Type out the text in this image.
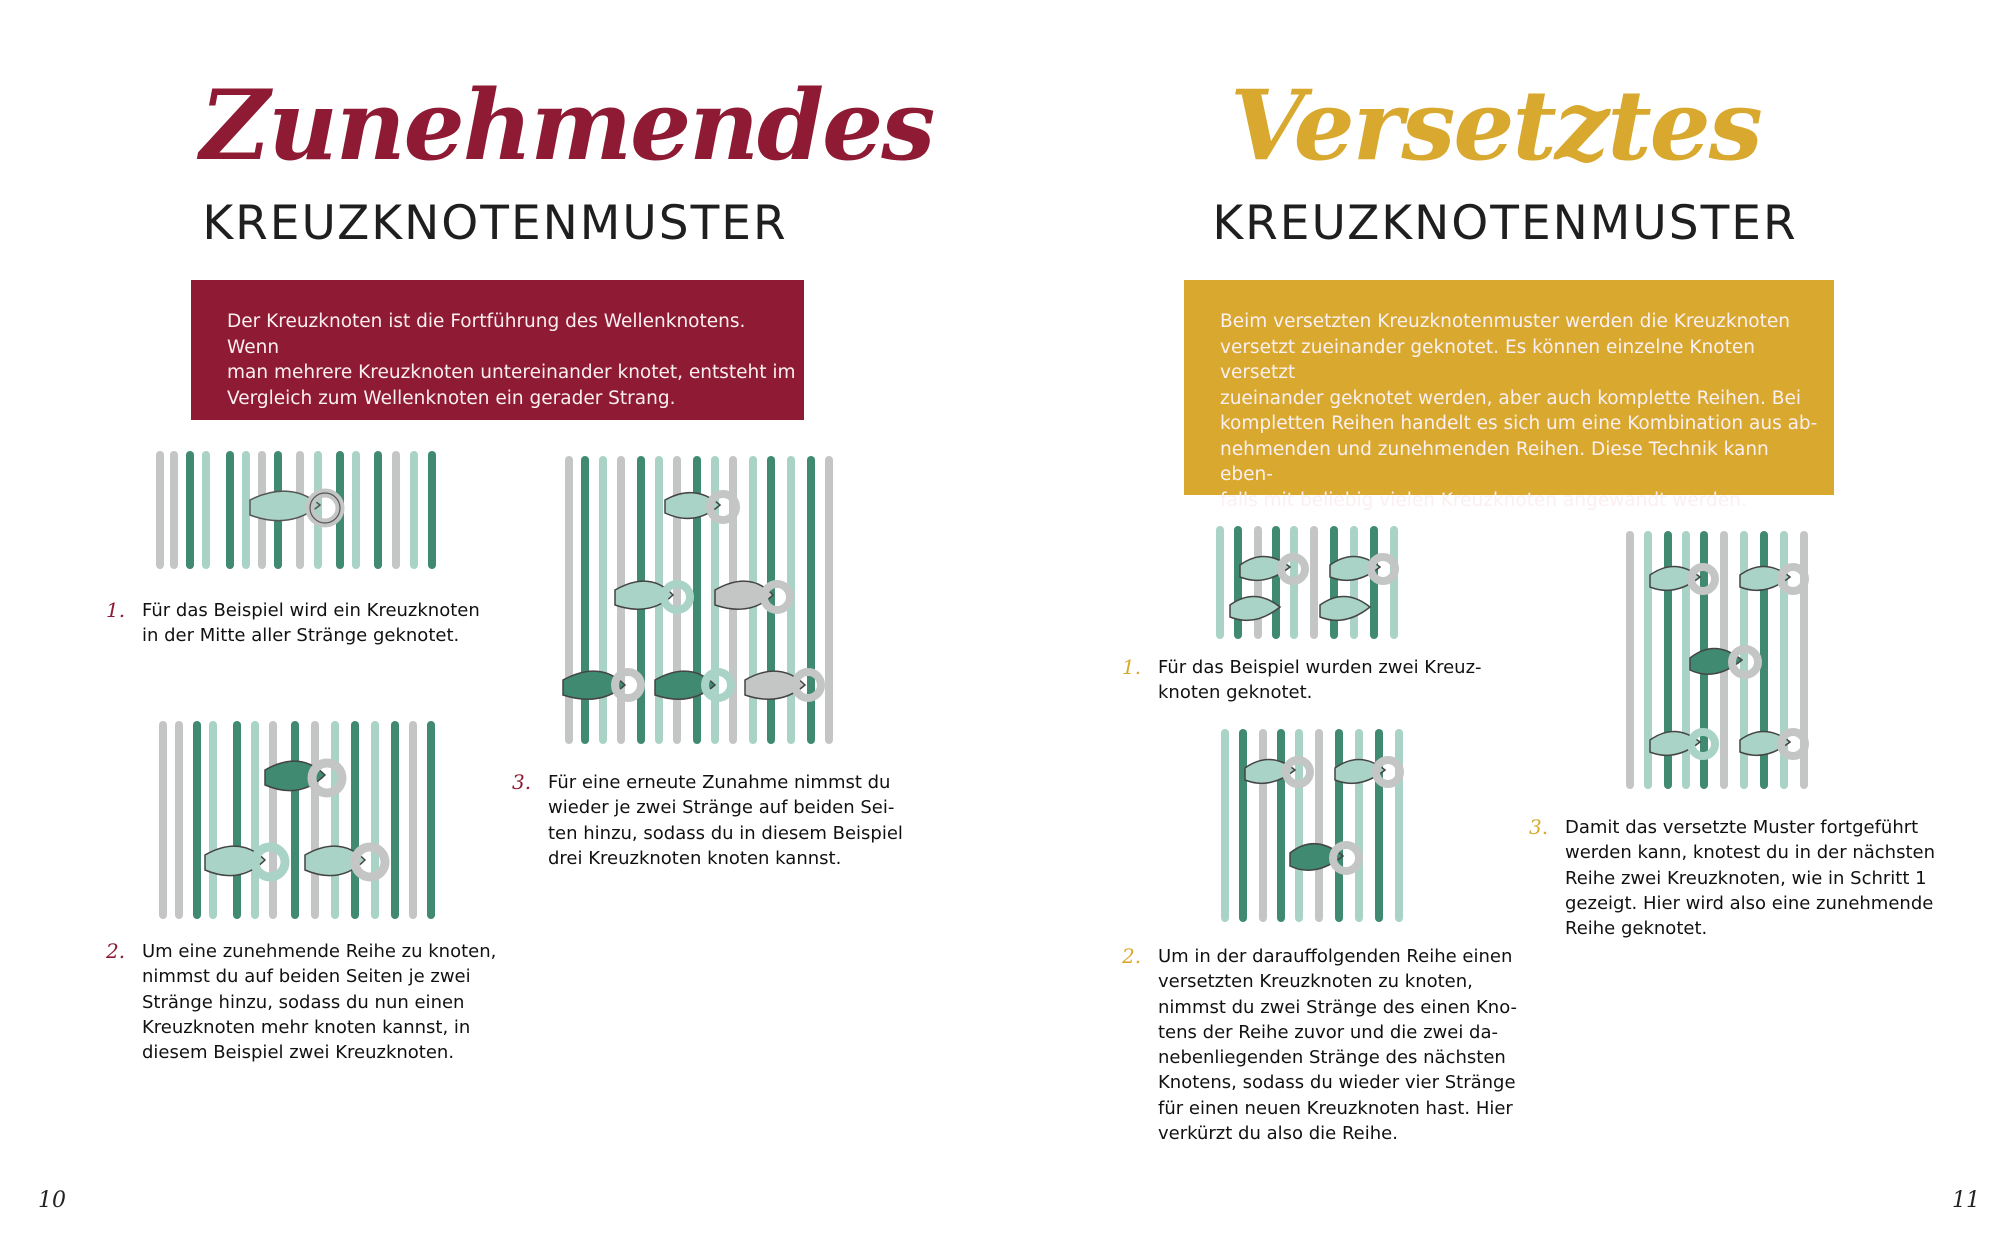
Zunehmendes
KREUZKNOTENMUSTER

Der Kreuzknoten ist die Fortführung des Wellenknotens. Wenn
man mehrere Kreuzknoten untereinander knotet, entsteht im
Vergleich zum Wellenknoten ein gerader Strang.

1. Für das Beispiel wird ein Kreuzknoten
in der Mitte aller Stränge geknotet.
2. Um eine zunehmende Reihe zu knoten,
nimmst du auf beiden Seiten je zwei
Stränge hinzu, sodass du nun einen
Kreuzknoten mehr knoten kannst, in
diesem Beispiel zwei Kreuzknoten.
3. Für eine erneute Zunahme nimmst du
wieder je zwei Stränge auf beiden Sei-
ten hinzu, sodass du in diesem Beispiel
drei Kreuzknoten knoten kannst.
10
Versetztes
KREUZKNOTENMUSTER

Beim versetzten Kreuzknotenmuster werden die Kreuzknoten
versetzt zueinander geknotet. Es können einzelne Knoten versetzt
zueinander geknotet werden, aber auch komplette Reihen. Bei
kompletten Reihen handelt es sich um eine Kombination aus ab-
nehmenden und zunehmenden Reihen. Diese Technik kann eben-
falls mit beliebig vielen Kreuzknoten angewandt werden.

1. Für das Beispiel wurden zwei Kreuz-
knoten geknotet.
2. Um in der darauffolgenden Reihe einen
versetzten Kreuzknoten zu knoten,
nimmst du zwei Stränge des einen Kno-
tens der Reihe zuvor und die zwei da-
nebenliegenden Stränge des nächsten
Knotens, sodass du wieder vier Stränge
für einen neuen Kreuzknoten hast. Hier
verkürzt du also die Reihe.
3. Damit das versetzte Muster fortgeführt
werden kann, knotest du in der nächsten
Reihe zwei Kreuzknoten, wie in Schritt 1
gezeigt. Hier wird also eine zunehmende
Reihe geknotet.
11
